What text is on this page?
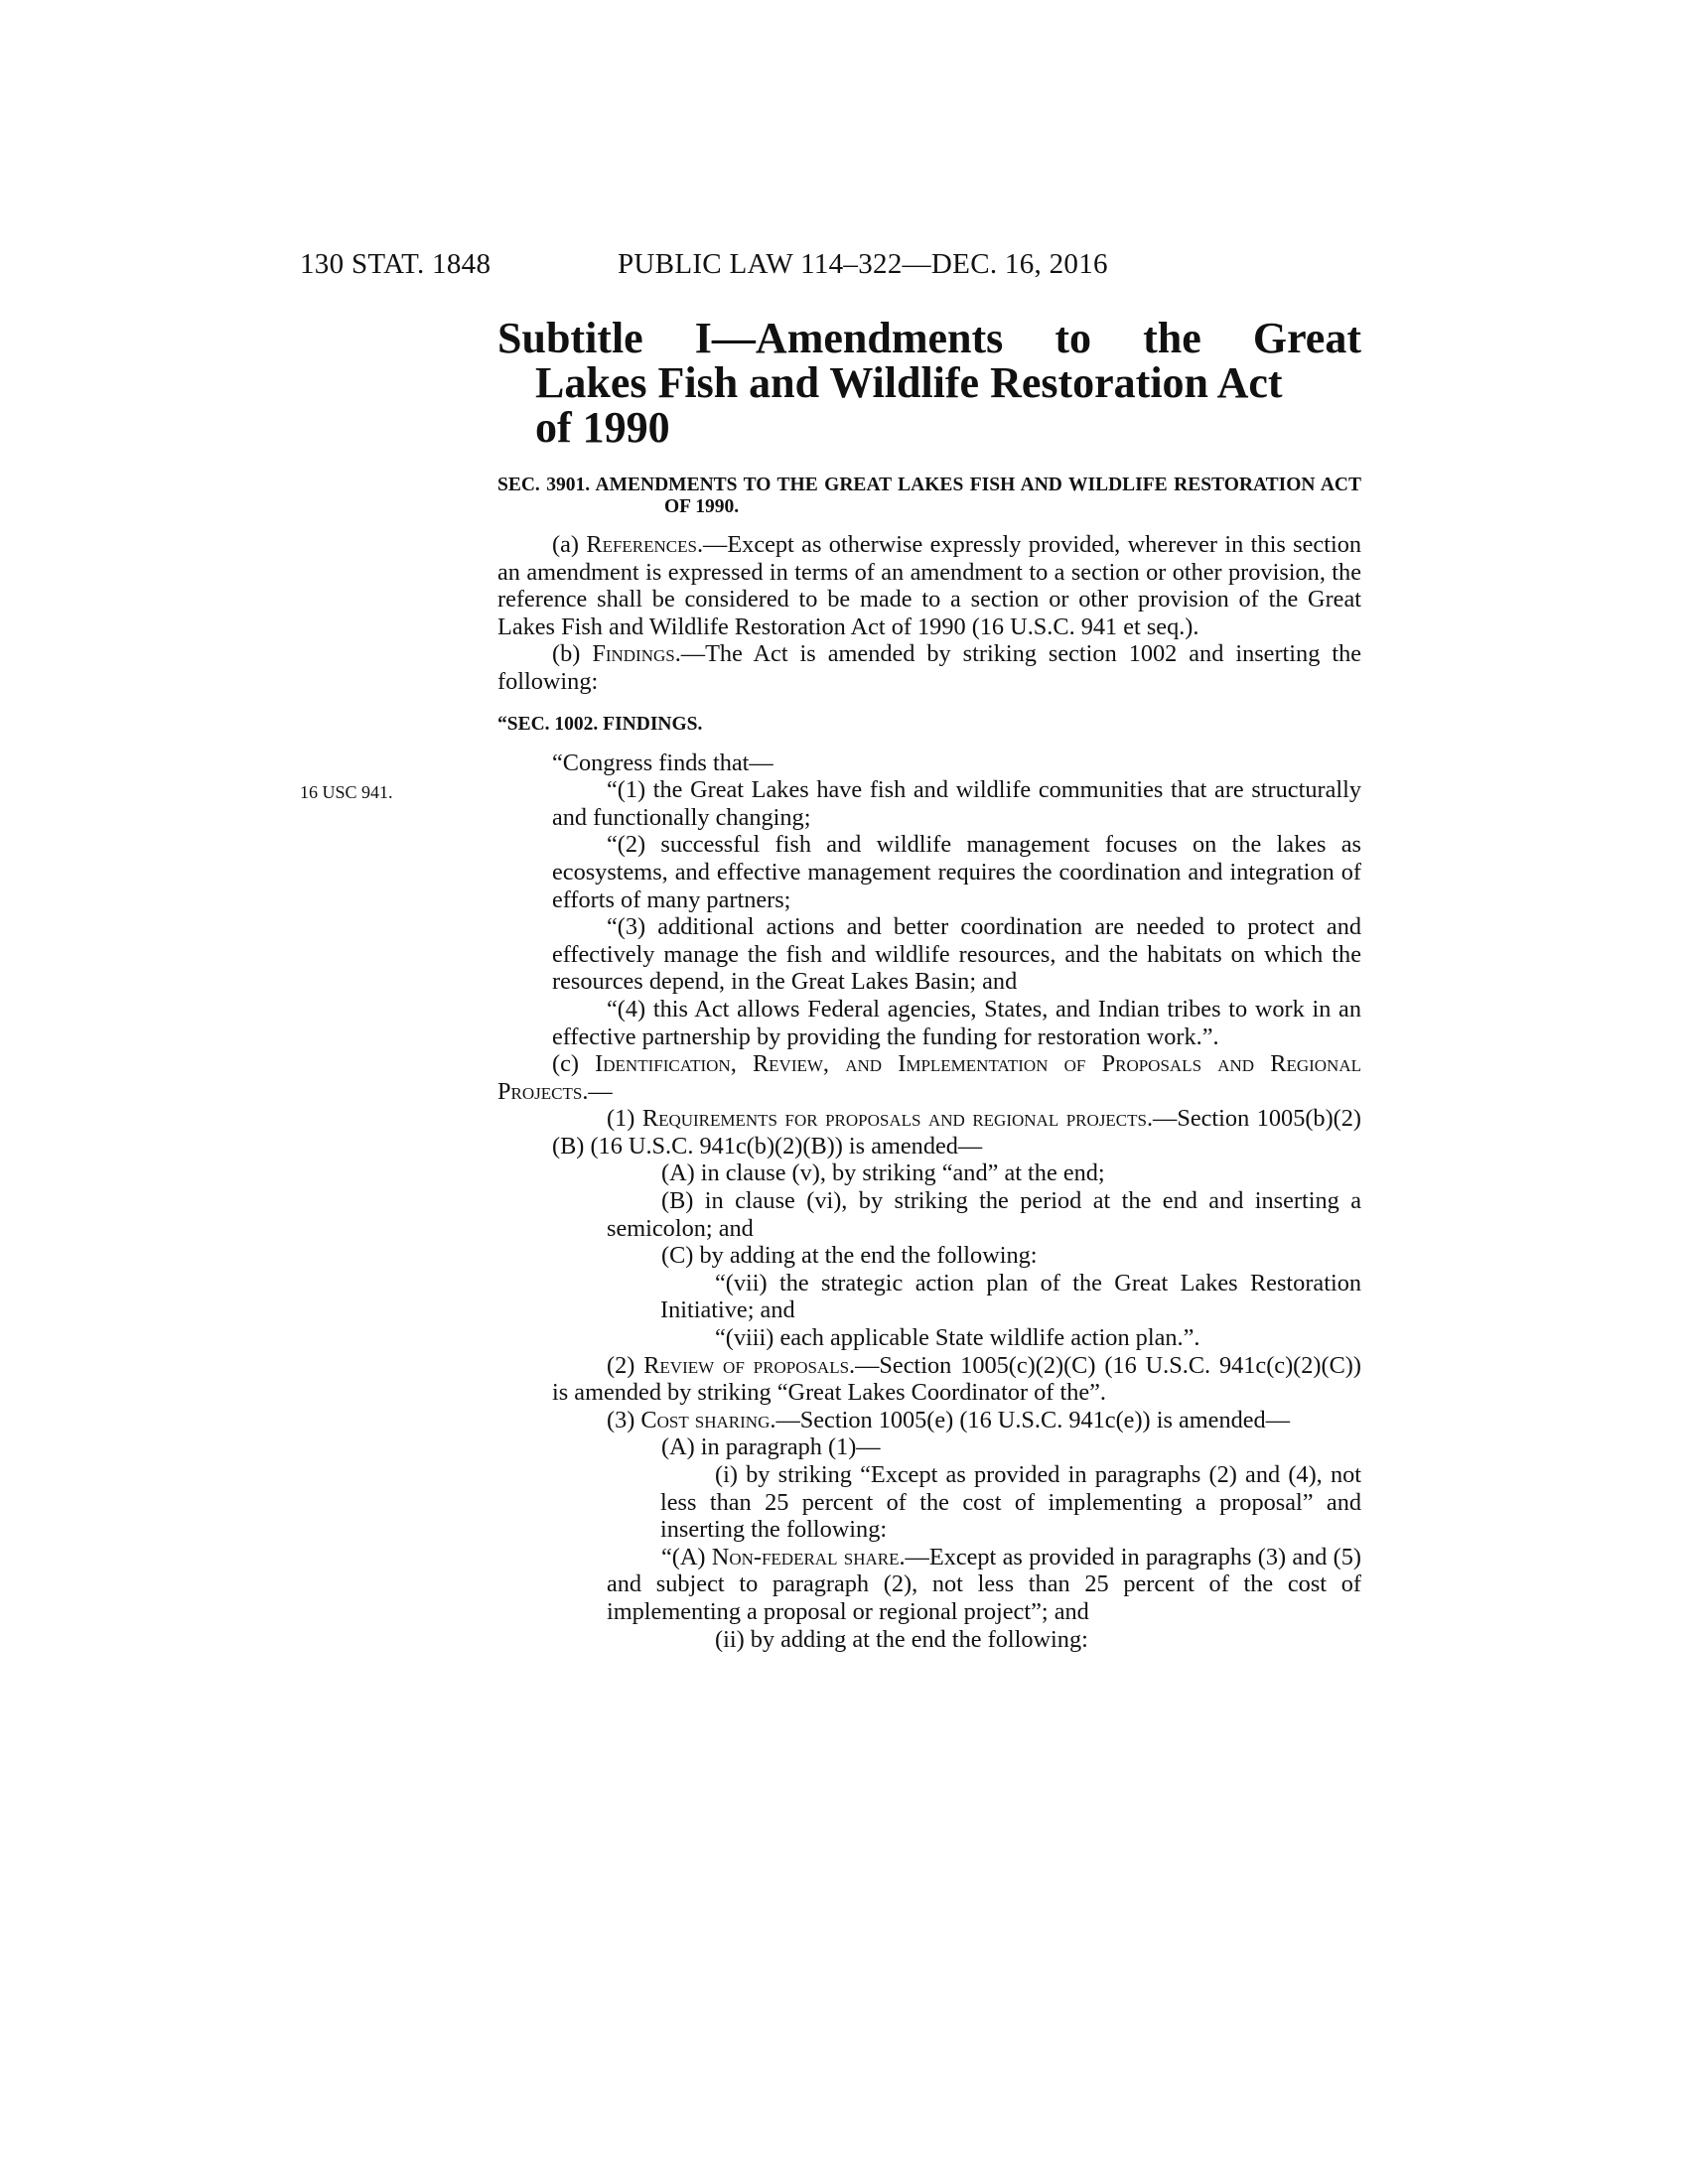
130 STAT. 1848	PUBLIC LAW 114–322—DEC. 16, 2016
Subtitle I—Amendments to the Great
Lakes Fish and Wildlife Restoration Act
of 1990
16 USC 941.
SEC. 3901. AMENDMENTS TO THE GREAT LAKES FISH AND WILDLIFE RESTORATION ACT OF 1990.

(a) References.—Except as otherwise expressly provided, wherever in this section an amendment is expressed in terms of an amendment to a section or other provision, the reference shall be considered to be made to a section or other provision of the Great Lakes Fish and Wildlife Restoration Act of 1990 (16 U.S.C. 941 et seq.).

(b) Findings.—The Act is amended by striking section 1002 and inserting the following:

“SEC. 1002. FINDINGS.

“Congress finds that—

“(1) the Great Lakes have fish and wildlife communities that are structurally and functionally changing;

“(2) successful fish and wildlife management focuses on the lakes as ecosystems, and effective management requires the coordination and integration of efforts of many partners;

“(3) additional actions and better coordination are needed to protect and effectively manage the fish and wildlife resources, and the habitats on which the resources depend, in the Great Lakes Basin; and

“(4) this Act allows Federal agencies, States, and Indian tribes to work in an effective partnership by providing the funding for restoration work.”.

(c) Identification, Review, and Implementation of Proposals and Regional Projects.—

(1) Requirements for proposals and regional projects.—Section 1005(b)(2)(B) (16 U.S.C. 941c(b)(2)(B)) is amended—

(A) in clause (v), by striking “and” at the end;

(B) in clause (vi), by striking the period at the end and inserting a semicolon; and

(C) by adding at the end the following:

“(vii) the strategic action plan of the Great Lakes Restoration Initiative; and

“(viii) each applicable State wildlife action plan.”.

(2) Review of proposals.—Section 1005(c)(2)(C) (16 U.S.C. 941c(c)(2)(C)) is amended by striking “Great Lakes Coordinator of the”.

(3) Cost sharing.—Section 1005(e) (16 U.S.C. 941c(e)) is amended—

(A) in paragraph (1)—

(i) by striking “Except as provided in paragraphs (2) and (4), not less than 25 percent of the cost of implementing a proposal” and inserting the following:

“(A) Non-federal share.—Except as provided in paragraphs (3) and (5) and subject to paragraph (2), not less than 25 percent of the cost of implementing a proposal or regional project”; and

(ii) by adding at the end the following:
